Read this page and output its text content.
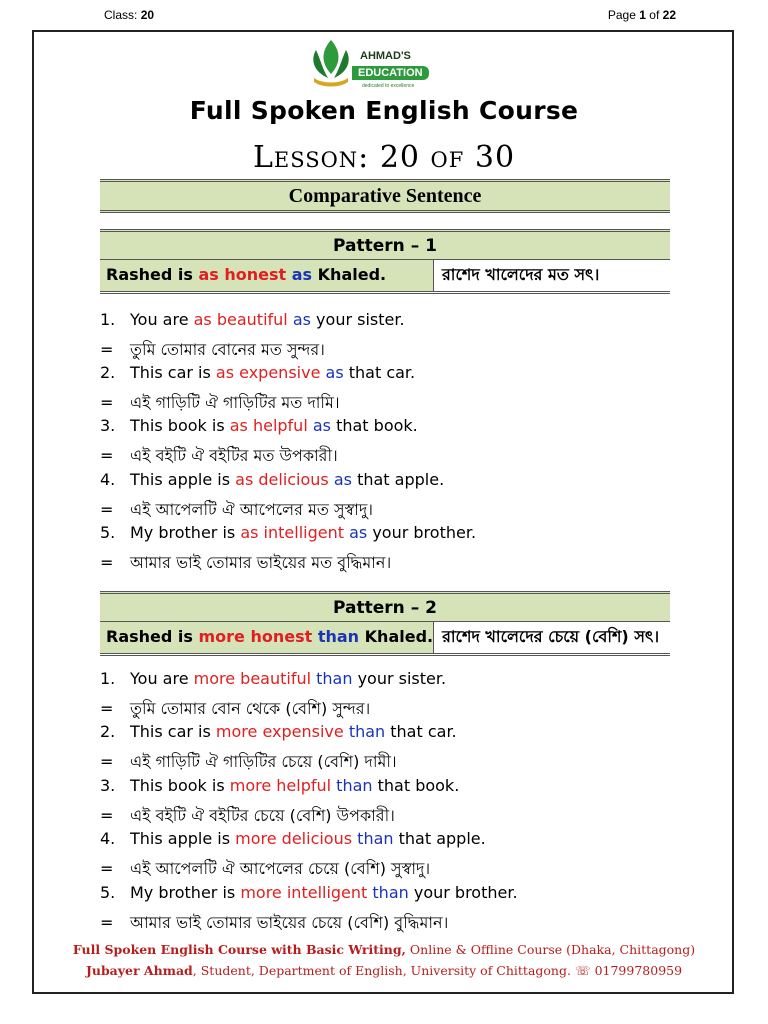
Class: 20	Page 1 of 22
AHMAD'S
EDUCATION
dedicated to excellence
Full Spoken English Course
Lesson: 20 of 30
Comparative Sentence
Pattern – 1
Rashed is as honest as Khaled.	রাশেদ খালেদের মত সৎ।
1. You are as beautiful as your sister.
= তুমি তোমার বোনের মত সুন্দর।
2. This car is as expensive as that car.
= এই গাড়িটি ঐ গাড়িটির মত দামি।
3. This book is as helpful as that book.
= এই বইটি ঐ বইটির মত উপকারী।
4. This apple is as delicious as that apple.
= এই আপেলটি ঐ আপেলের মত সুস্বাদু।
5. My brother is as intelligent as your brother.
= আমার ভাই তোমার ভাইয়ের মত বুদ্ধিমান।
Pattern – 2
Rashed is more honest than Khaled. রাশেদ খালেদের চেয়ে (বেশি) সৎ।
1. You are more beautiful than your sister.
= তুমি তোমার বোন থেকে (বেশি) সুন্দর।
2. This car is more expensive than that car.
= এই গাড়িটি ঐ গাড়িটির চেয়ে (বেশি) দামী।
3. This book is more helpful than that book.
= এই বইটি ঐ বইটির চেয়ে (বেশি) উপকারী।
4. This apple is more delicious than that apple.
= এই আপেলটি ঐ আপেলের চেয়ে (বেশি) সুস্বাদু।
5. My brother is more intelligent than your brother.
= আমার ভাই তোমার ভাইয়ের চেয়ে (বেশি) বুদ্ধিমান।
Full Spoken English Course with Basic Writing, Online & Offline Course (Dhaka, Chittagong)
Jubayer Ahmad, Student, Department of English, University of Chittagong. ☏ 01799780959
